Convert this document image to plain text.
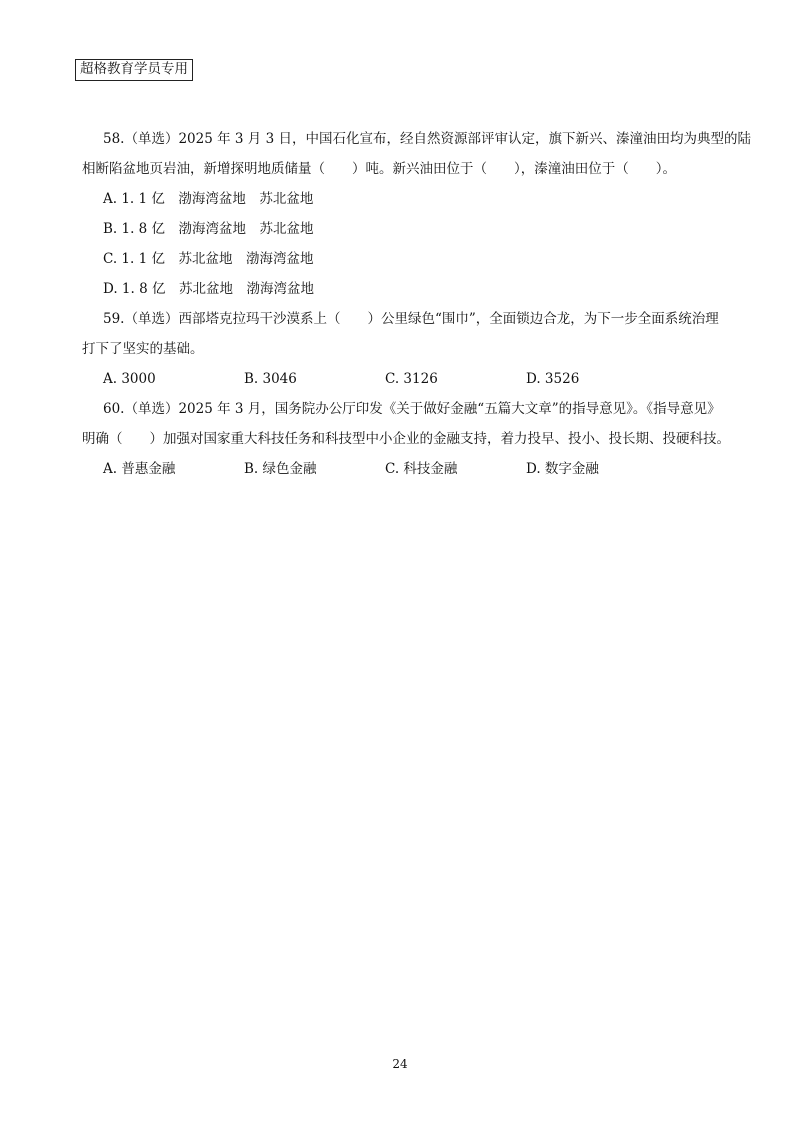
超格教育学员专用
58.（单选）2025 年 3 月 3 日，中国石化宣布，经自然资源部评审认定，旗下新兴、溱潼油田均为典型的陆
相断陷盆地页岩油，新增探明地质储量（　　）吨。新兴油田位于（　　），溱潼油田位于（　　）。
A. 1. 1 亿　渤海湾盆地　苏北盆地
B. 1. 8 亿　渤海湾盆地　苏北盆地
C. 1. 1 亿　苏北盆地　渤海湾盆地
D. 1. 8 亿　苏北盆地　渤海湾盆地
59.（单选）西部塔克拉玛干沙漠系上（　　）公里绿色“围巾”，全面锁边合龙，为下一步全面系统治理
打下了坚实的基础。
A. 3000	B. 3046	C. 3126	D. 3526
60.（单选）2025 年 3 月，国务院办公厅印发《关于做好金融“五篇大文章”的指导意见》。《指导意见》
明确（　　）加强对国家重大科技任务和科技型中小企业的金融支持，着力投早、投小、投长期、投硬科技。
A. 普惠金融	B. 绿色金融	C. 科技金融	D. 数字金融
24
